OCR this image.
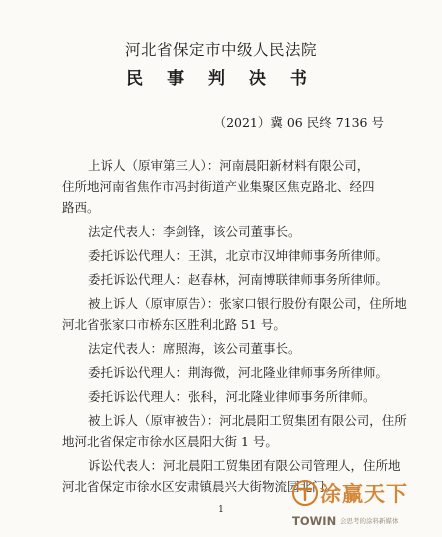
河北省保定市中级人民法院
民 事 判 决 书
（2021）冀 06 民终 7136 号
上诉人（原审第三人）：河南晨阳新材料有限公司，
住所地河南省焦作市冯封街道产业集聚区焦克路北、经四
路西。
法定代表人：李剑锋，该公司董事长。
委托诉讼代理人：王淇，北京市汉坤律师事务所律师。
委托诉讼代理人：赵春林，河南博联律师事务所律师。
被上诉人（原审原告）：张家口银行股份有限公司，住所地
河北省张家口市桥东区胜利北路 51 号。
法定代表人：席照海，该公司董事长。
委托诉讼代理人：荆海微，河北隆业律师事务所律师。
委托诉讼代理人：张科，河北隆业律师事务所律师。
被上诉人（原审被告）：河北晨阳工贸集团有限公司，住所
地河北省保定市徐水区晨阳大街 1 号。
诉讼代表人：河北晨阳工贸集团有限公司管理人，住所地
河北省保定市徐水区安肃镇晨兴大街物流园北门。
1
涂赢天下
TOWIN 会思考的涂料新媒体
